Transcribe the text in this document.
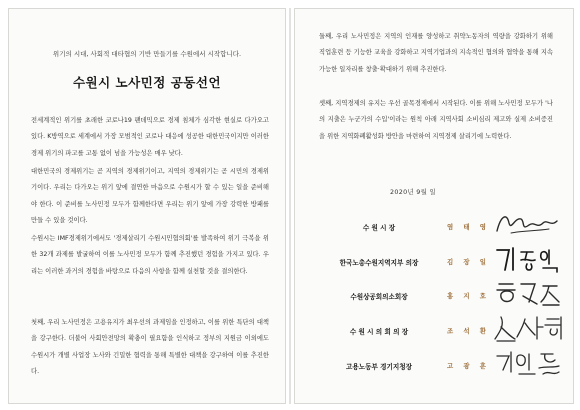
위기의 시대, 사회적 대타협의 기반 만들기를 수원에서 시작합니다.
수원시 노사민정 공동선언

전세계적인 위기를 초래한 코로나19 팬데믹으로 경제 침체가 심각한 현실로 다가오고 있다. K방역으로 세계에서 가장 모범적인 코로나 대응에 성공한 대한민국이지만 이러한 경제 위기의 파고를 고통 없이 넘을 가능성은 매우 낮다.

대한민국의 경제위기는 곧 지역의 경제위기이고, 지역의 경제위기는 곧 시민의 경제위기이다. 우리는 다가오는 위기 앞에 결연한 마음으로 수원시가 할 수 있는 일을 준비해야 한다. 이 준비를 노사민정 모두가 함께한다면 우리는 위기 앞에 가장 강력한 방패를 만들 수 있을 것이다.

수원시는 IMF경제위기에서도 '경제살리기 수원시민협의회'를 발족하여 위기 극복을 위한 32개 과제를 발굴하여 이를 노사민정 모두가 함께 추진했던 경험을 가지고 있다. 우리는 이러한 과거의 경험을 바탕으로 다음의 사항을 함께 실천할 것을 결의한다.

첫째, 우리 노사민정은 고용유지가 최우선의 과제임을 인정하고, 이를 위한 특단의 대책을 강구한다. 더불어 사회안전망의 확충이 필요함을 인식하고 정부의 지원금 이외에도 수원시가 개별 사업장 노사와 긴밀한 협력을 통해 특별한 대책을 강구하여 이를 추진한다.

둘째, 우리 노사민정은 지역의 인재를 양성하고 취약노동자의 역량을 강화하기 위해 직업훈련 등 기능한 교육을 강화하고 지역기업과의 지속적인 협의와 협약을 통해 지속가능한 일자리를 창출·확대하기 위해 추진한다.

셋째, 지역경제의 유지는 우선 골목경제에서 시작된다. 이를 위해 노사민정 모두가 '나의 지출은 누군가의 수입'이라는 원칙 아래 지역사회 소비심리 제고와 실제 소비증진을 위한 지역화폐활성화 방안을 마련하여 지역경제 살리기에 노력한다.

2020년 9월 일
수 원 시 장	염 태 영
한국노총수원지역지부 의장	김 장 일
수원상공회의소회장	홍 지 호
수 원 시 의 회 의 장	조 석 환
고용노동부 경기지청장	고 광 훈
